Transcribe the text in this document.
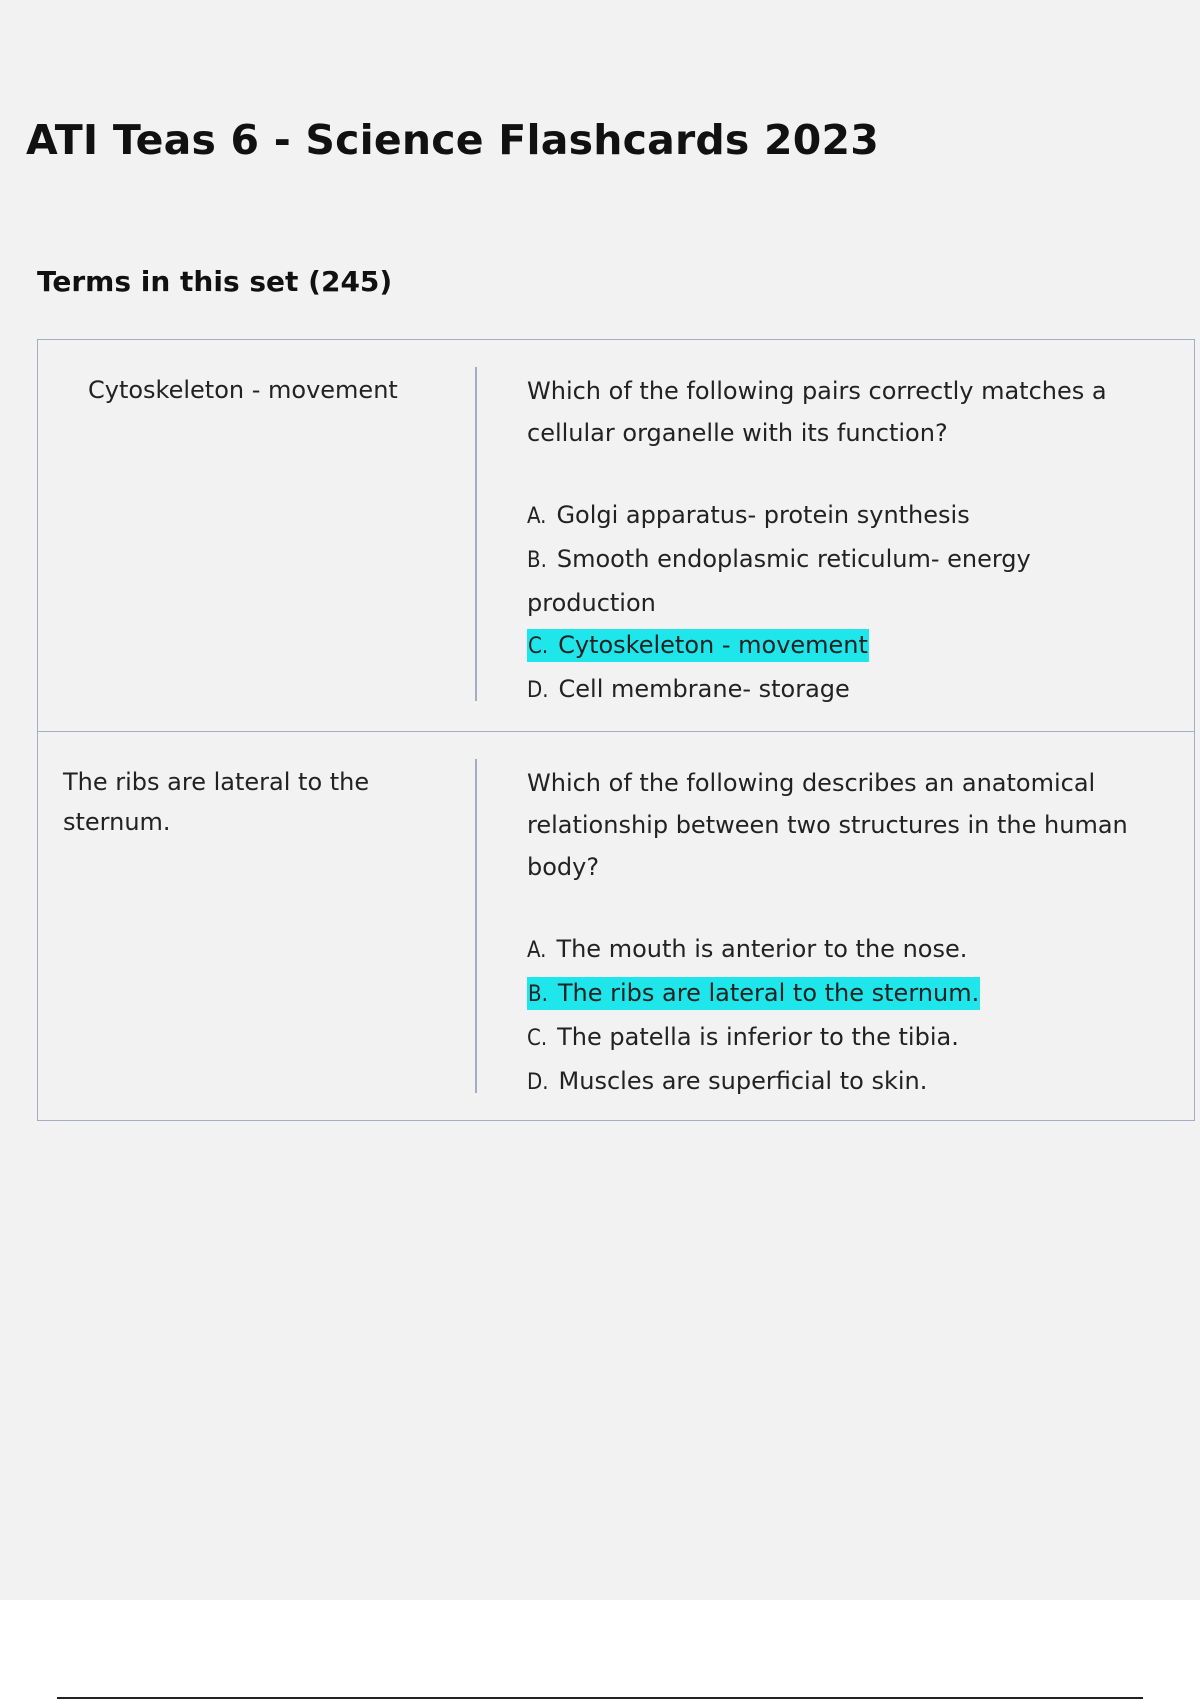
ATI Teas 6 - Science Flashcards 2023
Terms in this set (245)
Cytoskeleton - movement	Which of the following pairs correctly matches a cellular organelle with its function?

A. Golgi apparatus- protein synthesis
B. Smooth endoplasmic reticulum- energy production
C. Cytoskeleton - movement
D. Cell membrane- storage
The ribs are lateral to the sternum.

Which of the following describes an anatomical relationship between two structures in the human body?

A. The mouth is anterior to the nose.
B. The ribs are lateral to the sternum.
C. The patella is inferior to the tibia.
D. Muscles are superficial to skin.
